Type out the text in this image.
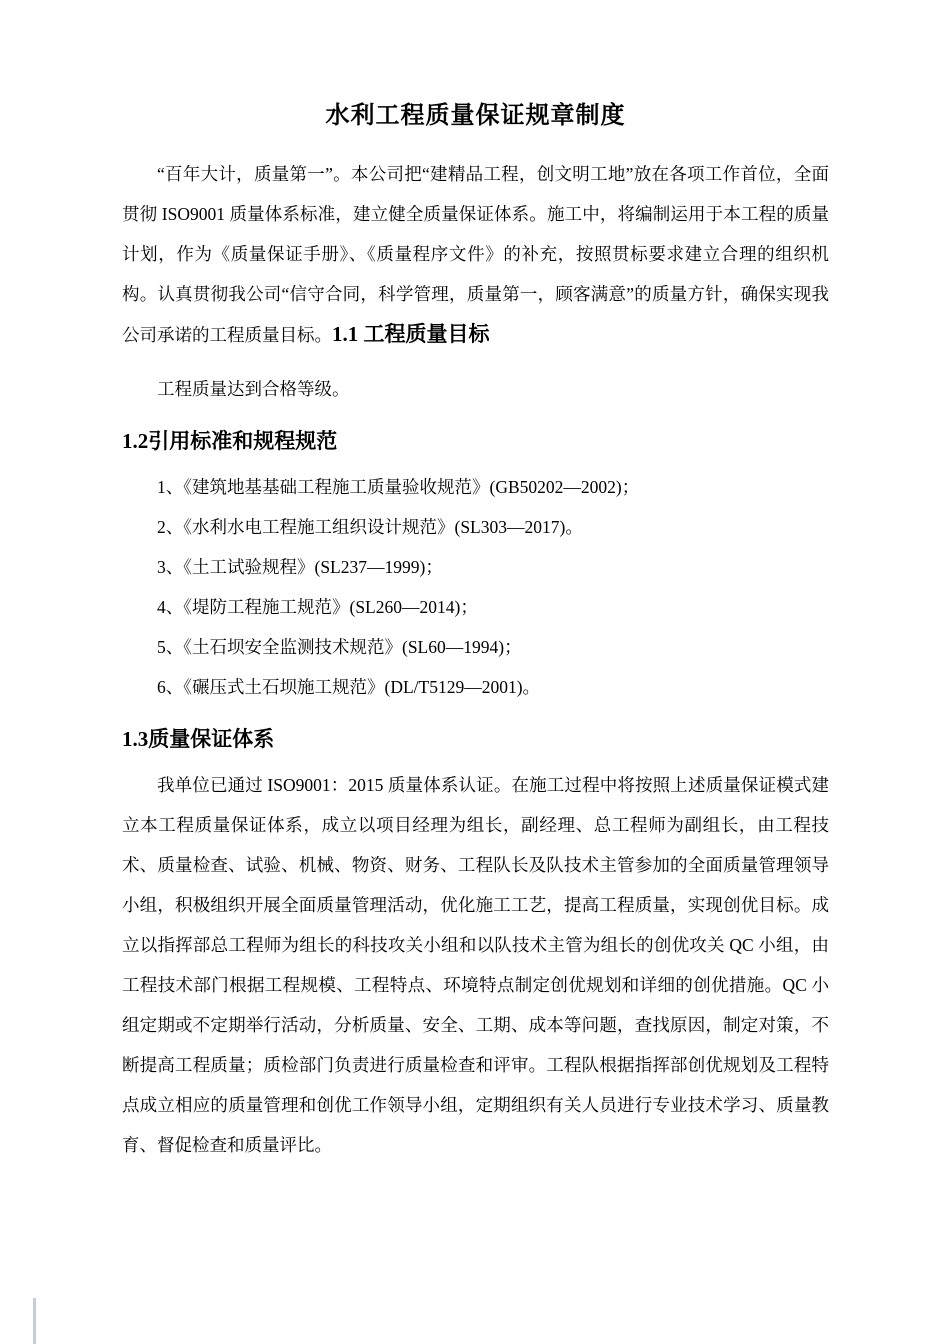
水利工程质量保证规章制度

“百年大计，质量第一”。本公司把“建精品工程，创文明工地”放在各项工作首位，全面贯彻 ISO9001 质量体系标准，建立健全质量保证体系。施工中，将编制运用于本工程的质量计划，作为《质量保证手册》、《质量程序文件》的补充，按照贯标要求建立合理的组织机构。认真贯彻我公司“信守合同，科学管理，质量第一，顾客满意”的质量方针，确保实现我公司承诺的工程质量目标。1.1 工程质量目标

工程质量达到合格等级。

1.2引用标准和规程规范

1、《建筑地基基础工程施工质量验收规范》(GB50202—2002)；

2、《水利水电工程施工组织设计规范》(SL303—2017)。

3、《土工试验规程》(SL237—1999)；

4、《堤防工程施工规范》(SL260—2014)；

5、《土石坝安全监测技术规范》(SL60—1994)；

6、《碾压式土石坝施工规范》(DL/T5129—2001)。

1.3质量保证体系

我单位已通过 ISO9001：2015 质量体系认证。在施工过程中将按照上述质量保证模式建立本工程质量保证体系，成立以项目经理为组长，副经理、总工程师为副组长，由工程技术、质量检查、试验、机械、物资、财务、工程队长及队技术主管参加的全面质量管理领导小组，积极组织开展全面质量管理活动，优化施工工艺，提高工程质量，实现创优目标。成立以指挥部总工程师为组长的科技攻关小组和以队技术主管为组长的创优攻关 QC 小组，由工程技术部门根据工程规模、工程特点、环境特点制定创优规划和详细的创优措施。QC 小组定期或不定期举行活动，分析质量、安全、工期、成本等问题，查找原因，制定对策，不断提高工程质量；质检部门负责进行质量检查和评审。工程队根据指挥部创优规划及工程特点成立相应的质量管理和创优工作领导小组，定期组织有关人员进行专业技术学习、质量教育、督促检查和质量评比。
